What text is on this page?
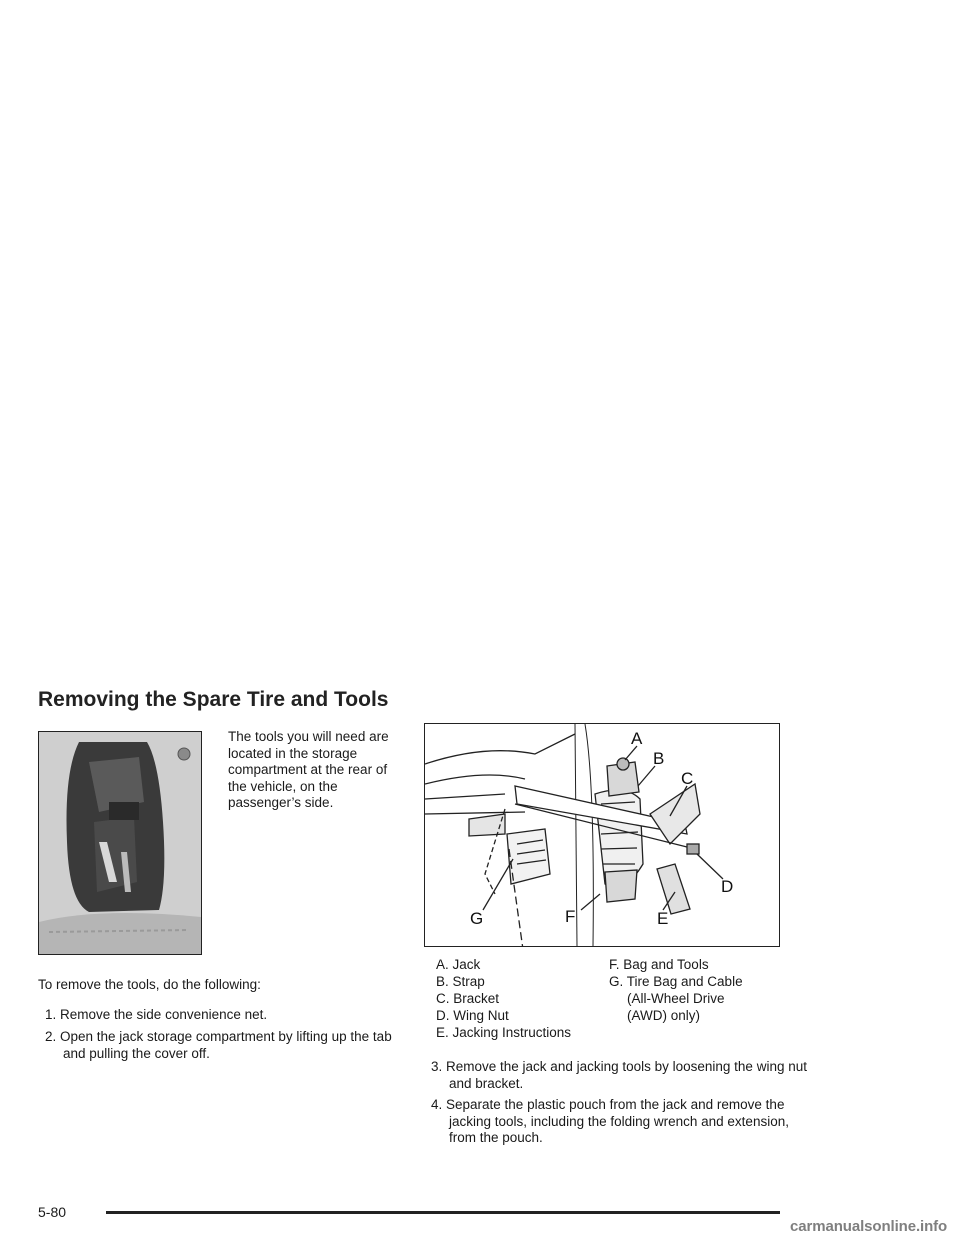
Removing the Spare Tire and Tools

The tools you will need are located in the storage compartment at the rear of the vehicle, on the passenger’s side.

To remove the tools, do the following:

1. Remove the side convenience net.

2. Open the jack storage compartment by lifting up the tab and pulling the cover off.

A
B
C
D
E
F
G
A. Jack
B. Strap
C. Bracket
D. Wing Nut
E. Jacking Instructions
F. Bag and Tools
G. Tire Bag and Cable (All-Wheel Drive (AWD) only)

3. Remove the jack and jacking tools by loosening the wing nut and bracket.

4. Separate the plastic pouch from the jack and remove the jacking tools, including the folding wrench and extension, from the pouch.

5-80
carmanualsonline.info
